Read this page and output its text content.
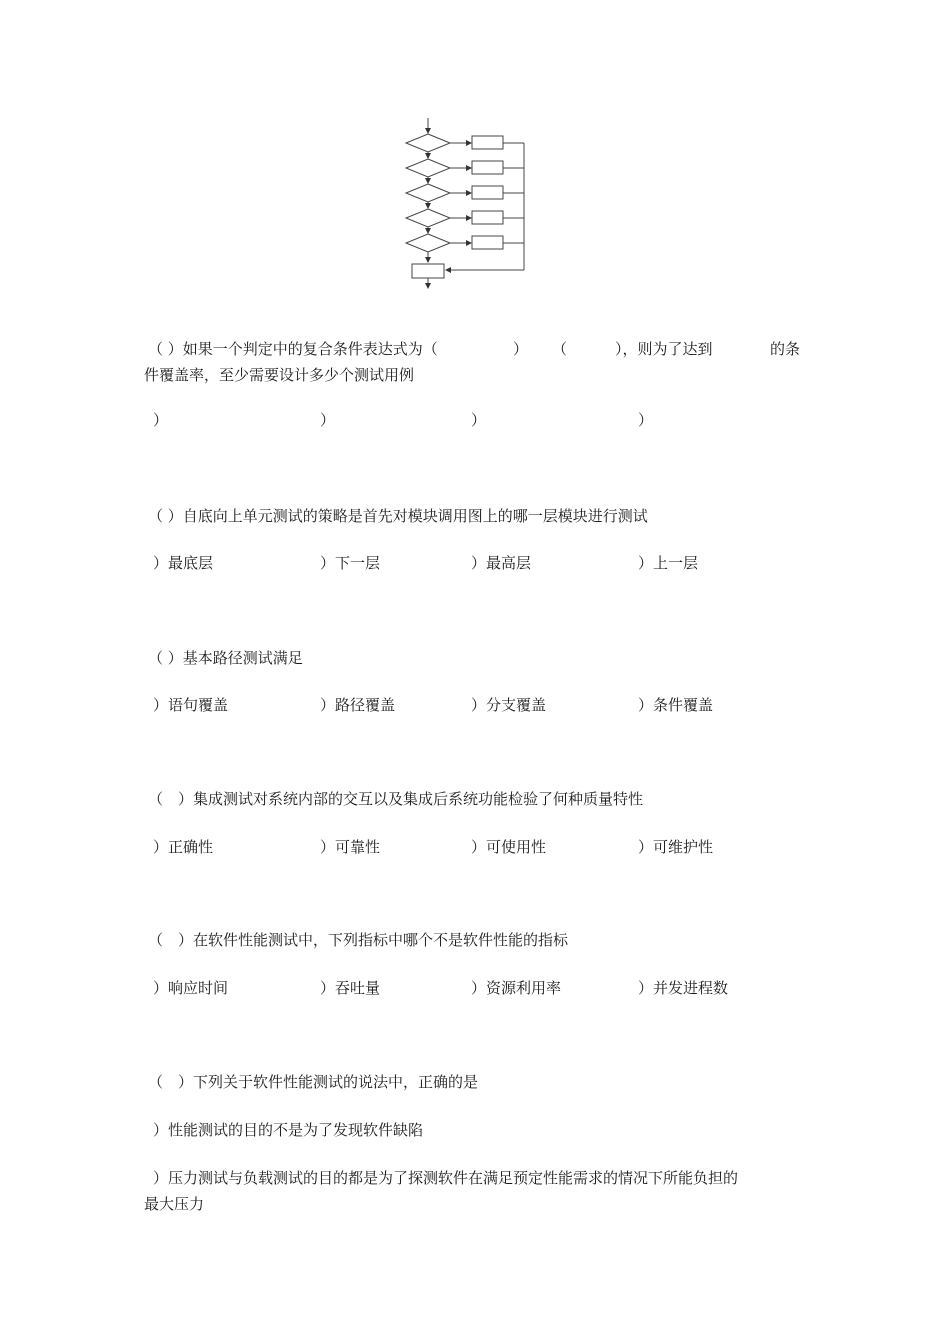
（ ）如果一个判定中的复合条件表达式为（	） （	），则为了达到	的条
件覆盖率，至少需要设计多少个测试用例
）	）	）	）
（ ）自底向上单元测试的策略是首先对模块调用图上的哪一层模块进行测试
）最底层	）下一层	）最高层	）上一层
（ ）基本路径测试满足
）语句覆盖	）路径覆盖	）分支覆盖	）条件覆盖
（　）集成测试对系统内部的交互以及集成后系统功能检验了何种质量特性
）正确性	）可靠性	）可使用性	）可维护性
（　）在软件性能测试中，下列指标中哪个不是软件性能的指标
）响应时间	）吞吐量	）资源利用率	）并发进程数
（　）下列关于软件性能测试的说法中，正确的是
）性能测试的目的不是为了发现软件缺陷
）压力测试与负载测试的目的都是为了探测软件在满足预定性能需求的情况下所能负担的
最大压力
